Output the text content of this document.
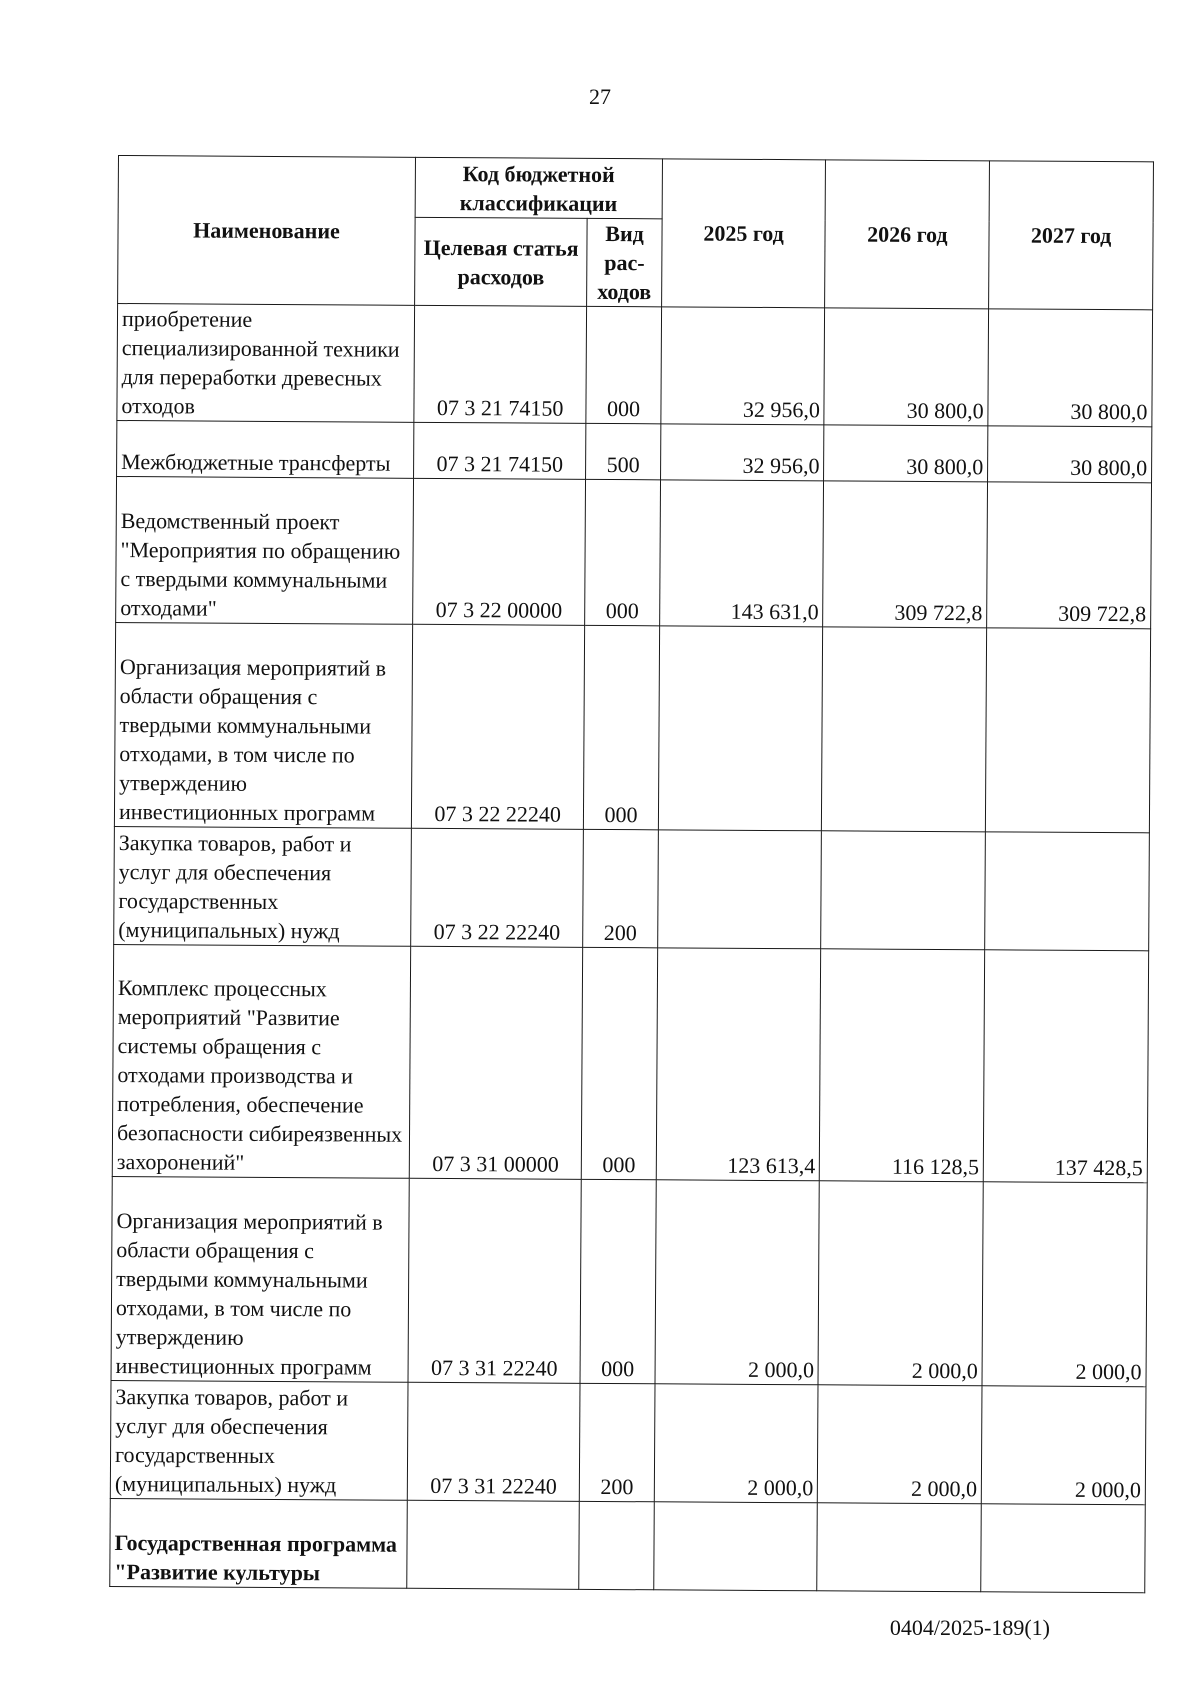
27
Наименование	Код бюджетной классификации		2025 год	2026 год	2027 год
	Целевая статья расходов	Вид рас-ходов			
приобретение специализированной техники для переработки древесных отходов	07 3 21 74150	000	32 956,0	30 800,0	30 800,0
Межбюджетные трансферты	07 3 21 74150	500	32 956,0	30 800,0	30 800,0
Ведомственный проект "Мероприятия по обращению с твердыми коммунальными отходами"	07 3 22 00000	000	143 631,0	309 722,8	309 722,8
Организация мероприятий в области обращения с твердыми коммунальными отходами, в том числе по утверждению инвестиционных программ	07 3 22 22240	000			
Закупка товаров, работ и услуг для обеспечения государственных (муниципальных) нужд	07 3 22 22240	200			
Комплекс процессных мероприятий "Развитие системы обращения с отходами производства и потребления, обеспечение безопасности сибиреязвенных захоронений"	07 3 31 00000	000	123 613,4	116 128,5	137 428,5
Организация мероприятий в области обращения с твердыми коммунальными отходами, в том числе по утверждению инвестиционных программ	07 3 31 22240	000	2 000,0	2 000,0	2 000,0
Закупка товаров, работ и услуг для обеспечения государственных (муниципальных) нужд	07 3 31 22240	200	2 000,0	2 000,0	2 000,0
Государственная программа "Развитие культуры					
0404/2025-189(1)
